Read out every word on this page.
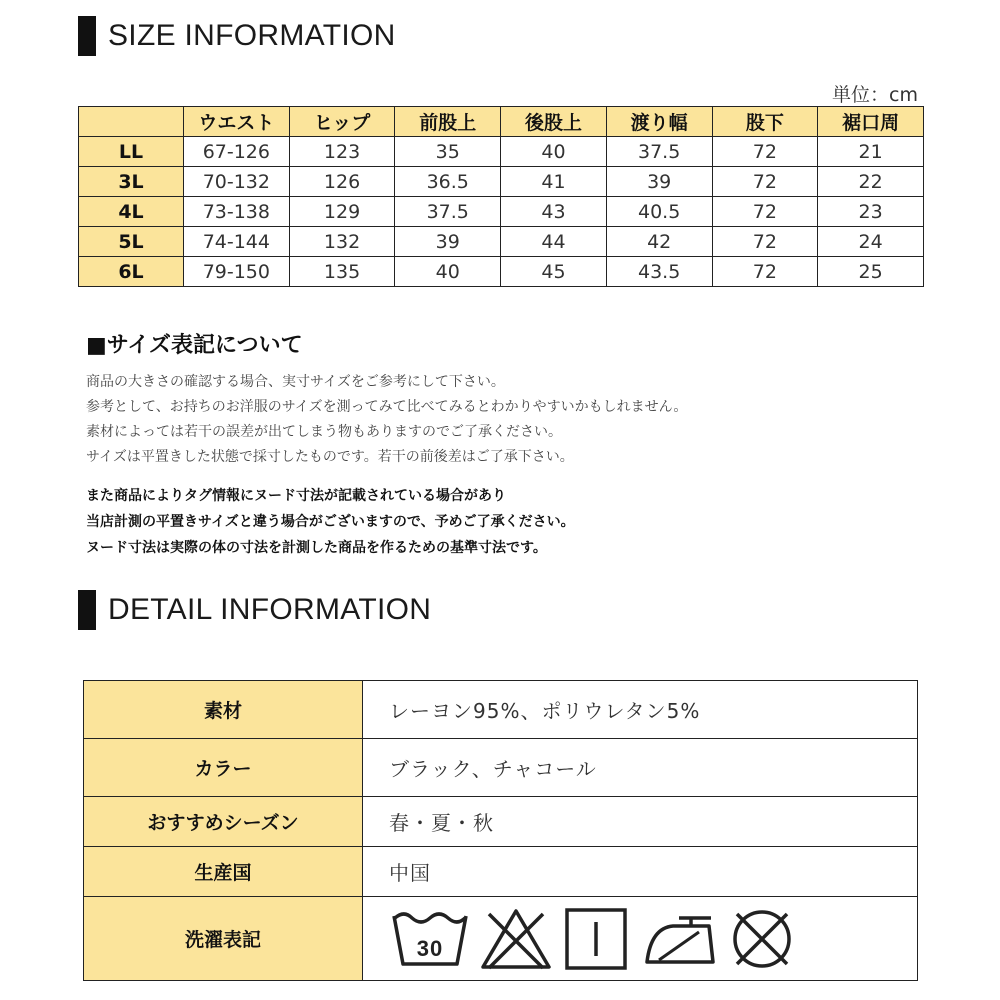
SIZE INFORMATION
単位：cm
	ウエスト	ヒップ	前股上	後股上	渡り幅	股下	裾口周
LL	67-126	123	35	40	37.5	72	21
3L	70-132	126	36.5	41	39	72	22
4L	73-138	129	37.5	43	40.5	72	23
5L	74-144	132	39	44	42	72	24
6L	79-150	135	40	45	43.5	72	25
■サイズ表記について
商品の大きさの確認する場合、実寸サイズをご参考にして下さい。
参考として、お持ちのお洋服のサイズを測ってみて比べてみるとわかりやすいかもしれません。
素材によっては若干の誤差が出てしまう物もありますのでご了承ください。
サイズは平置きした状態で採寸したものです。若干の前後差はご了承下さい。
また商品によりタグ情報にヌード寸法が記載されている場合があり
当店計測の平置きサイズと違う場合がございますので、予めご了承ください。
ヌード寸法は実際の体の寸法を計測した商品を作るための基準寸法です。
DETAIL INFORMATION
素材	レーヨン95%、ポリウレタン5%
カラー	ブラック、チャコール
おすすめシーズン	春・夏・秋
生産国	中国
洗濯表記	30
